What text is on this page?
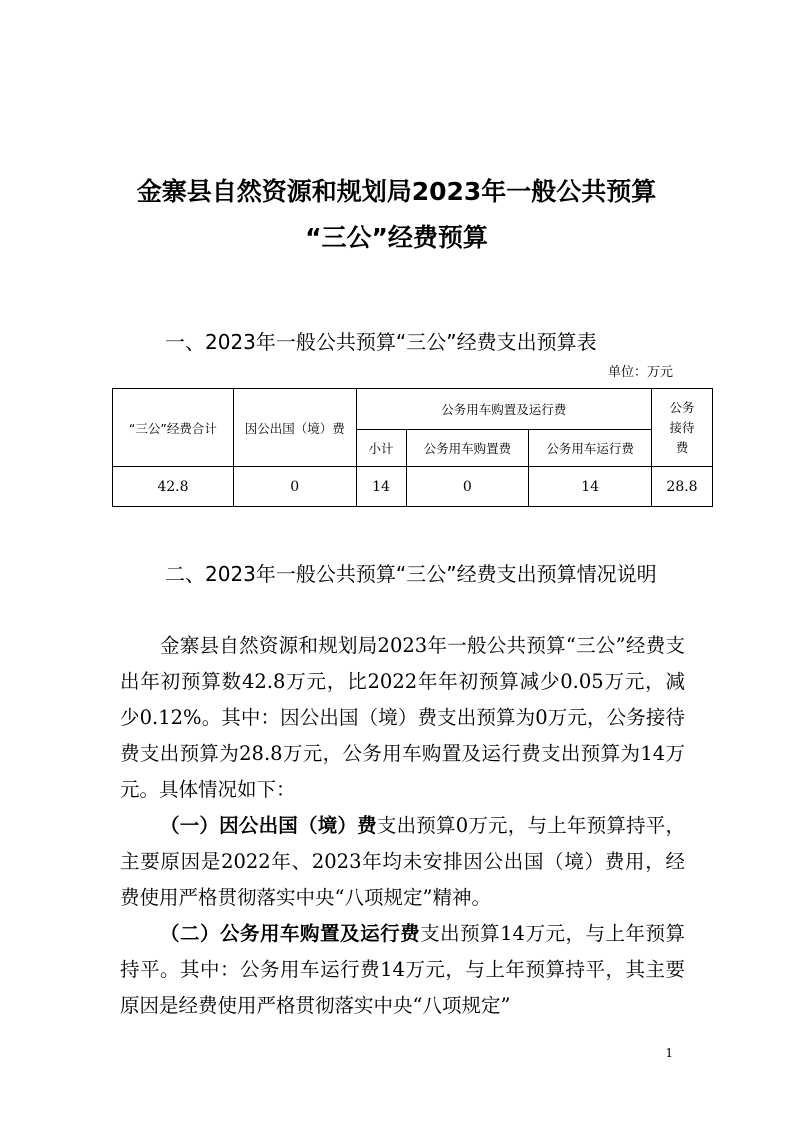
金寨县自然资源和规划局2023年一般公共预算
“三公”经费预算
一、2023年一般公共预算“三公”经费支出预算表
单位：万元
“三公”经费合计	因公出国（境）费	公务用车购置及运行费			公务接待费
		小计	公务用车购置费	公务用车运行费	
42.8	0	14	0	14	28.8
二、2023年一般公共预算“三公”经费支出预算情况说明
金寨县自然资源和规划局2023年一般公共预算“三公”经费支出年初预算数42.8万元，比2022年年初预算减少0.05万元，减少0.12%。其中：因公出国（境）费支出预算为0万元，公务接待费支出预算为28.8万元，公务用车购置及运行费支出预算为14万元。具体情况如下：
（一）因公出国（境）费支出预算0万元，与上年预算持平，主要原因是2022年、2023年均未安排因公出国（境）费用，经费使用严格贯彻落实中央“八项规定”精神。
（二）公务用车购置及运行费支出预算14万元，与上年预算持平。其中：公务用车运行费14万元，与上年预算持平，其主要原因是经费使用严格贯彻落实中央“八项规定”
1
